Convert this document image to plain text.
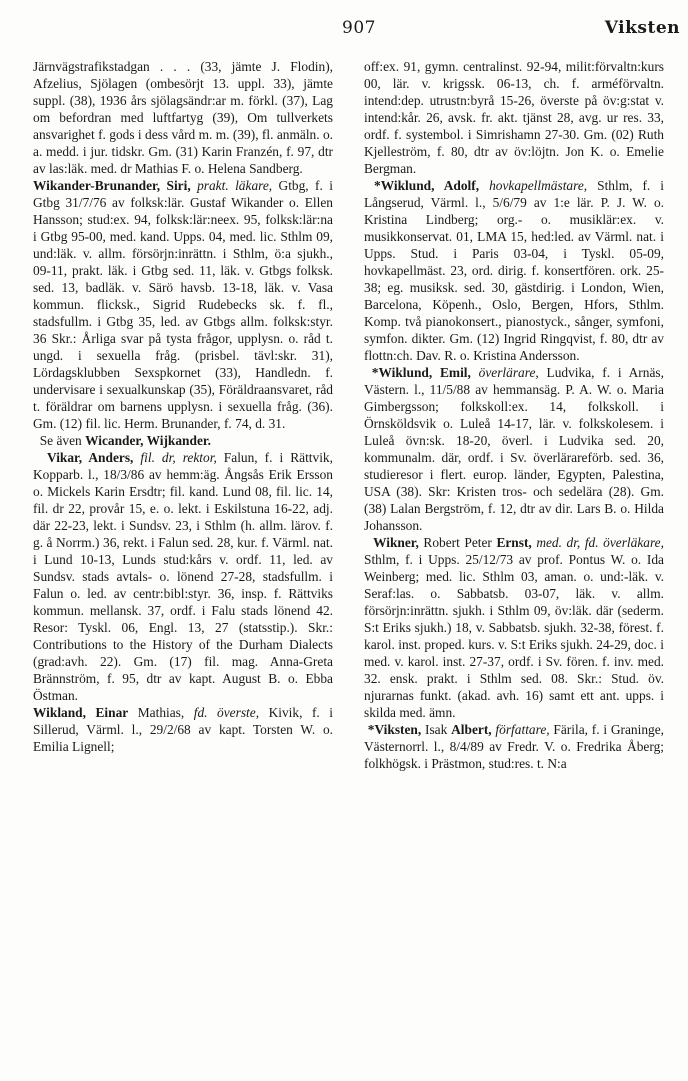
907	Viksten

Järnvägstrafikstadgan . . . (33, jämte J. Flodin), Afzelius, Sjölagen (ombesörjt 13. uppl. 33), jämte suppl. (38), 1936 års sjölagsändr:ar m. förkl. (37), Lag om befordran med luftfartyg (39), Om tullverkets ansvarighet f. gods i dess vård m. m. (39), fl. anmäln. o. a. medd. i jur. tidskr. Gm. (31) Karin Franzén, f. 97, dtr av las:läk. med. dr Mathias F. o. Helena Sandberg.

Wikander-Brunander, Siri, prakt. läkare, Gtbg, f. i Gtbg 31/7/76 av folksk:lär. Gustaf Wikander o. Ellen Hansson; stud:ex. 94, folksk:lär:neex. 95, folksk:lär:na i Gtbg 95-00, med. kand. Upps. 04, med. lic. Sthlm 09, und:läk. v. allm. försörjn:inrättn. i Sthlm, ö:a sjukh., 09-11, prakt. läk. i Gtbg sed. 11, läk. v. Gtbgs folksk. sed. 13, badläk. v. Särö havsb. 13-18, läk. v. Vasa kommun. flicksk., Sigrid Rudebecks sk. f. fl., stadsfullm. i Gtbg 35, led. av Gtbgs allm. folksk:styr. 36 Skr.: Årliga svar på tysta frågor, upplysn. o. råd t. ungd. i sexuella fråg. (prisbel. tävl:skr. 31), Lördagsklubben Sexspkornet (33), Handledn. f. undervisare i sexualkunskap (35), Föräldraansvaret, råd t. föräldrar om barnens upplysn. i sexuella fråg. (36). Gm. (12) fil. lic. Herm. Brunander, f. 74, d. 31.

Se även Wicander, Wijkander.

Vikar, Anders, fil. dr, rektor, Falun, f. i Rättvik, Kopparb. l., 18/3/86 av hemm:äg. Ångsås Erik Ersson o. Mickels Karin Ersdtr; fil. kand. Lund 08, fil. lic. 14, fil. dr 22, provår 15, e. o. lekt. i Eskilstuna 16-22, adj. där 22-23, lekt. i Sundsv. 23, i Sthlm (h. allm. lärov. f. g. å Norrm.) 36, rekt. i Falun sed. 28, kur. f. Värml. nat. i Lund 10-13, Lunds stud:kårs v. ordf. 11, led. av Sundsv. stads avtals- o. lönend 27-28, stadsfullm. i Falun o. led. av centr:bibl:styr. 36, insp. f. Rättviks kommun. mellansk. 37, ordf. i Falu stads lönend 42. Resor: Tyskl. 06, Engl. 13, 27 (statsstip.). Skr.: Contributions to the History of the Durham Dialects (grad:avh. 22). Gm. (17) fil. mag. Anna-Greta Brännström, f. 95, dtr av kapt. August B. o. Ebba Östman.

Wikland, Einar Mathias, fd. överste, Kivik, f. i Sillerud, Värml. l., 29/2/68 av kapt. Torsten W. o. Emilia Lignell;

off:ex. 91, gymn. centralinst. 92-94, milit:förvaltn:kurs 00, lär. v. krigssk. 06-13, ch. f. arméförvaltn. intend:dep. utrustn:byrå 15-26, överste på öv:g:stat v. intend:kår. 26, avsk. fr. akt. tjänst 28, avg. ur res. 33, ordf. f. systembol. i Simrishamn 27-30. Gm. (02) Ruth Kjelleström, f. 80, dtr av öv:löjtn. Jon K. o. Emelie Bergman.

*Wiklund, Adolf, hovkapellmästare, Sthlm, f. i Långserud, Värml. l., 5/6/79 av 1:e lär. P. J. W. o. Kristina Lindberg; org.- o. musiklär:ex. v. musikkonservat. 01, LMA 15, hed:led. av Värml. nat. i Upps. Stud. i Paris 03-04, i Tyskl. 05-09, hovkapellmäst. 23, ord. dirig. f. konsertfören. ork. 25-38; eg. musiksk. sed. 30, gästdirig. i London, Wien, Barcelona, Köpenh., Oslo, Bergen, Hfors, Sthlm. Komp. två pianokonsert., pianostyck., sånger, symfoni, symfon. dikter. Gm. (12) Ingrid Ringqvist, f. 80, dtr av flottn:ch. Dav. R. o. Kristina Andersson.

*Wiklund, Emil, överlärare, Ludvika, f. i Arnäs, Västern. l., 11/5/88 av hemmansäg. P. A. W. o. Maria Gimbergsson; folkskoll:ex. 14, folkskoll. i Örnsköldsvik o. Luleå 14-17, lär. v. folkskolesem. i Luleå övn:sk. 18-20, överl. i Ludvika sed. 20, kommunalm. där, ordf. i Sv. överlärareförb. sed. 36, studieresor i flert. europ. länder, Egypten, Palestina, USA (38). Skr: Kristen tros- och sedelära (28). Gm. (38) Lalan Bergström, f. 12, dtr av dir. Lars B. o. Hilda Johansson.

Wikner, Robert Peter Ernst, med. dr, fd. överläkare, Sthlm, f. i Upps. 25/12/73 av prof. Pontus W. o. Ida Weinberg; med. lic. Sthlm 03, aman. o. und:-läk. v. Seraf:las. o. Sabbatsb. 03-07, läk. v. allm. försörjn:inrättn. sjukh. i Sthlm 09, öv:läk. där (sederm. S:t Eriks sjukh.) 18, v. Sabbatsb. sjukh. 32-38, förest. f. karol. inst. proped. kurs. v. S:t Eriks sjukh. 24-29, doc. i med. v. karol. inst. 27-37, ordf. i Sv. fören. f. inv. med. 32. ensk. prakt. i Sthlm sed. 08. Skr.: Stud. öv. njurarnas funkt. (akad. avh. 16) samt ett ant. upps. i skilda med. ämn.

*Viksten, Isak Albert, författare, Färila, f. i Graninge, Västernorrl. l., 8/4/89 av Fredr. V. o. Fredrika Åberg; folkhögsk. i Prästmon, stud:res. t. N:a
